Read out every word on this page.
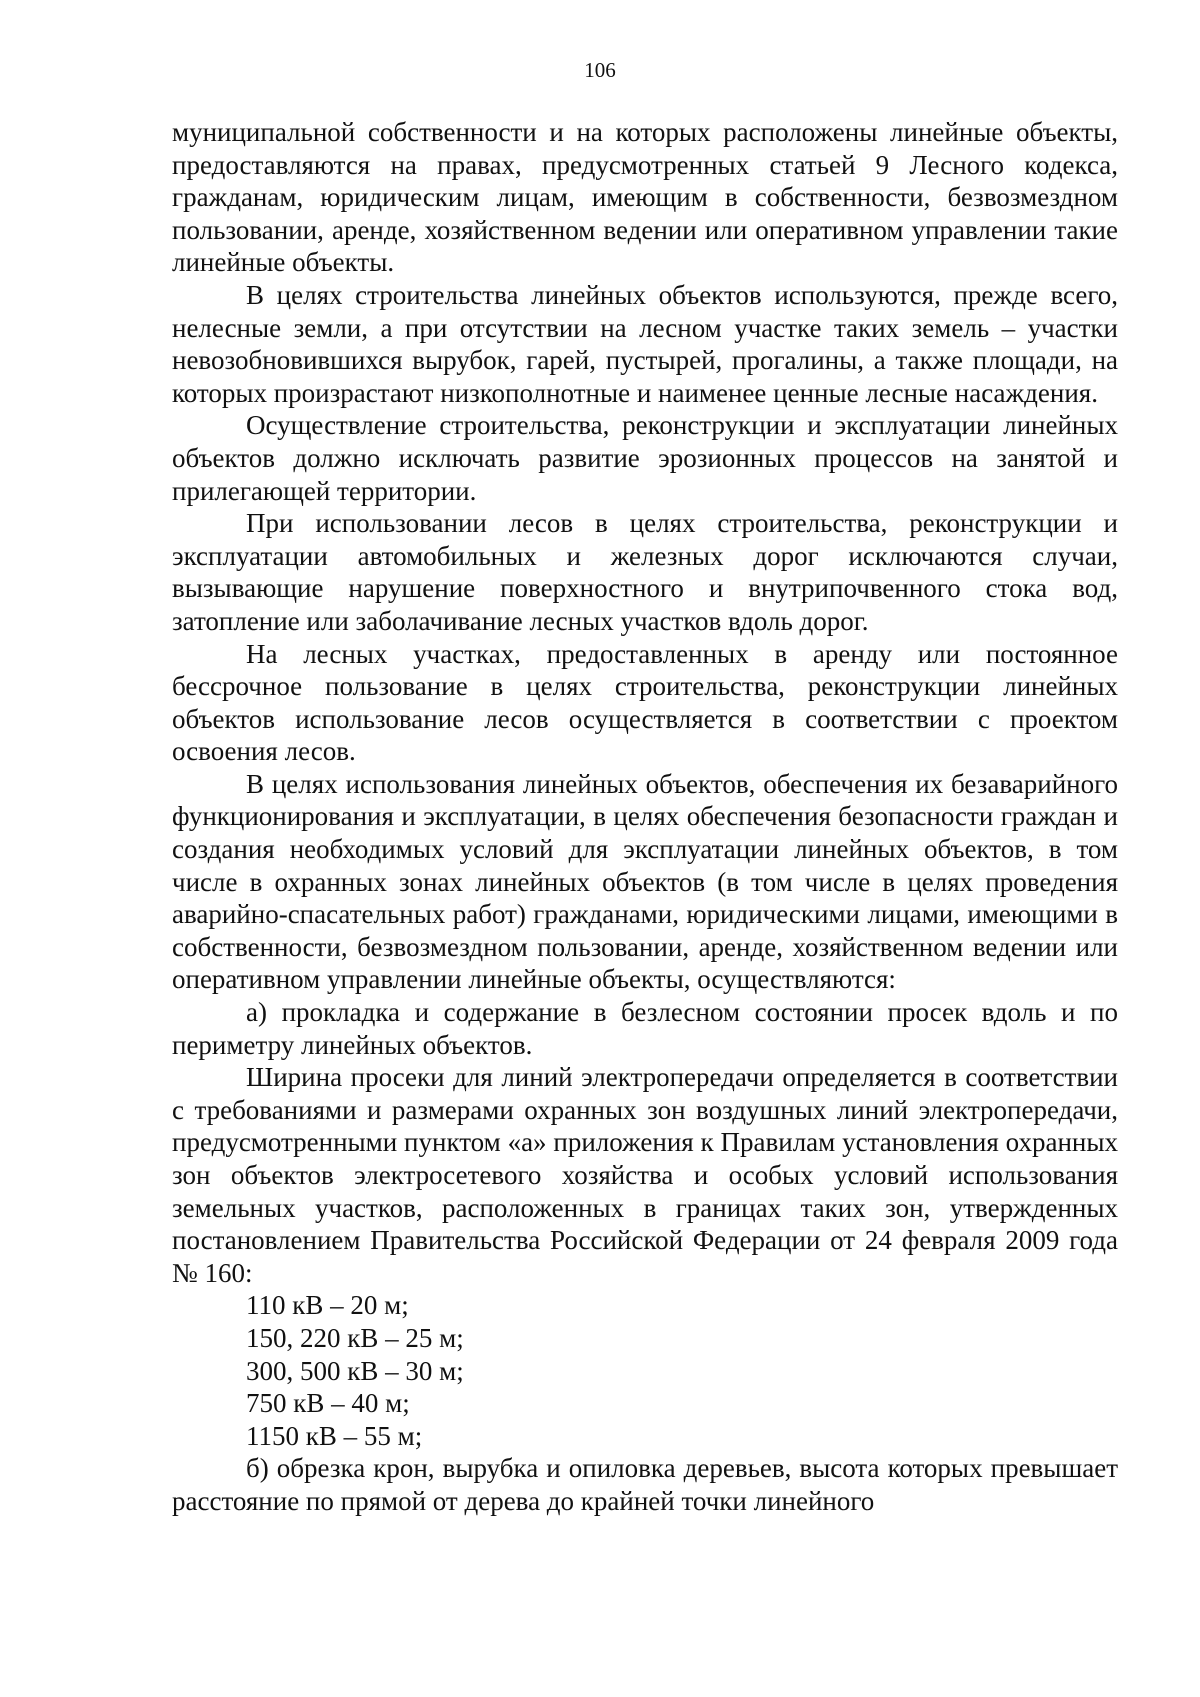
106

муниципальной собственности и на которых расположены линейные объекты, предоставляются на правах, предусмотренных статьей 9 Лесного кодекса, гражданам, юридическим лицам, имеющим в собственности, безвозмездном пользовании, аренде, хозяйственном ведении или оперативном управлении такие линейные объекты.

В целях строительства линейных объектов используются, прежде всего, нелесные земли, а при отсутствии на лесном участке таких земель – участки невозобновившихся вырубок, гарей, пустырей, прогалины, а также площади, на которых произрастают низкополнотные и наименее ценные лесные насаждения.

Осуществление строительства, реконструкции и эксплуатации линейных объектов должно исключать развитие эрозионных процессов на занятой и прилегающей территории.

При использовании лесов в целях строительства, реконструкции и эксплуатации автомобильных и железных дорог исключаются случаи, вызывающие нарушение поверхностного и внутрипочвенного стока вод, затопление или заболачивание лесных участков вдоль дорог.

На лесных участках, предоставленных в аренду или постоянное бессрочное пользование в целях строительства, реконструкции линейных объектов использование лесов осуществляется в соответствии с проектом освоения лесов.

В целях использования линейных объектов, обеспечения их безаварийного функционирования и эксплуатации, в целях обеспечения безопасности граждан и создания необходимых условий для эксплуатации линейных объектов, в том числе в охранных зонах линейных объектов (в том числе в целях проведения аварийно-спасательных работ) гражданами, юридическими лицами, имеющими в собственности, безвозмездном пользовании, аренде, хозяйственном ведении или оперативном управлении линейные объекты, осуществляются:

а) прокладка и содержание в безлесном состоянии просек вдоль и по периметру линейных объектов.

Ширина просеки для линий электропередачи определяется в соответствии с требованиями и размерами охранных зон воздушных линий электропередачи, предусмотренными пунктом «а» приложения к Правилам установления охранных зон объектов электросетевого хозяйства и особых условий использования земельных участков, расположенных в границах таких зон, утвержденных постановлением Правительства Российской Федерации от 24 февраля 2009 года № 160:

110 кВ – 20 м;

150, 220 кВ – 25 м;

300, 500 кВ – 30 м;

750 кВ – 40 м;

1150 кВ – 55 м;

б) обрезка крон, вырубка и опиловка деревьев, высота которых превышает расстояние по прямой от дерева до крайней точки линейного
